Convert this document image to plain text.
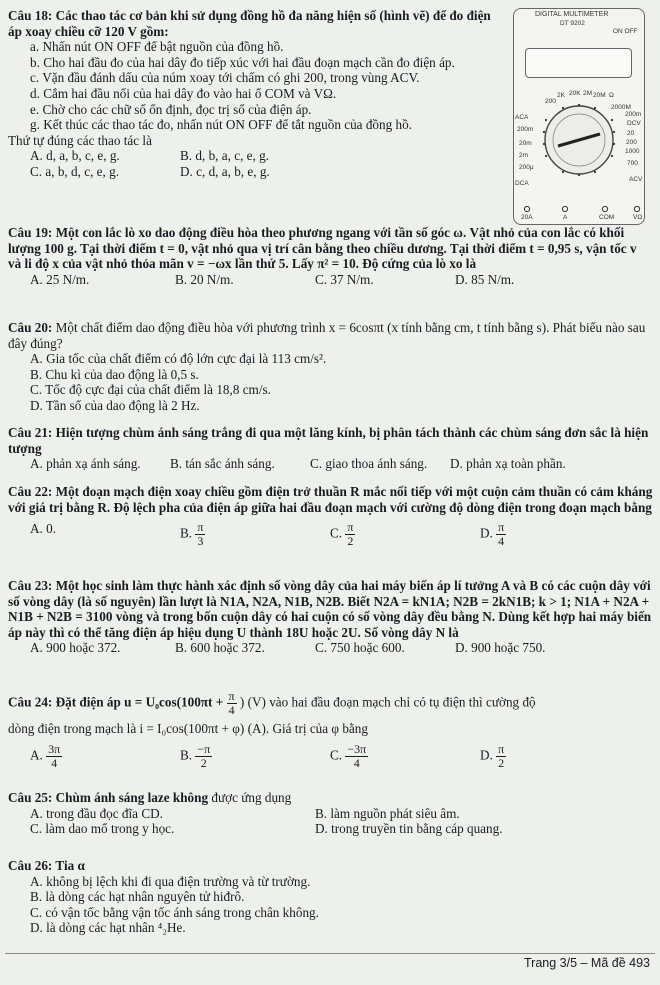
Câu 18: Các thao tác cơ bản khi sử dụng đồng hồ đa năng hiện số (hình vẽ) để đo điện áp xoay chiều cỡ 120 V gồm:

a. Nhấn nút ON OFF để bật nguồn của đồng hồ.

b. Cho hai đầu đo của hai dây đo tiếp xúc với hai đầu đoạn mạch cần đo điện áp.

c. Vặn đầu đánh dấu của núm xoay tới chấm có ghi 200, trong vùng ACV.

d. Cắm hai đầu nối của hai dây đo vào hai ổ COM và VΩ.

e. Chờ cho các chữ số ổn định, đọc trị số của điện áp.

g. Kết thúc các thao tác đo, nhấn nút ON OFF để tắt nguồn của đồng hồ.

Thứ tự đúng các thao tác là

A. d, a, b, c, e, g.	B. d, b, a, c, e, g.
C. a, b, d, c, e, g.	D. c, d, a, b, e, g.
DIGITAL MULTIMETER
DT 9202
ON OFF
ACA
200m
20m
2m
200μ
DCA
DCV
200m
20
200
1000
700
ACV
2K 20K 2M 20M Ω
200
2000M
20A	A	COM	VΩ

Câu 19: Một con lắc lò xo dao động điều hòa theo phương ngang với tần số góc ω. Vật nhỏ của con lắc có khối lượng 100 g. Tại thời điểm t = 0, vật nhỏ qua vị trí cân bằng theo chiều dương. Tại thời điểm t = 0,95 s, vận tốc v và li độ x của vật nhỏ thỏa mãn v = −ωx lần thứ 5. Lấy π² = 10. Độ cứng của lò xo là

A. 25 N/m.	B. 20 N/m.	C. 37 N/m.	D. 85 N/m.

Câu 20: Một chất điểm dao động điều hòa với phương trình x = 6cosπt (x tính bằng cm, t tính bằng s). Phát biểu nào sau đây đúng?

A. Gia tốc của chất điểm có độ lớn cực đại là 113 cm/s².

B. Chu kì của dao động là 0,5 s.

C. Tốc độ cực đại của chất điểm là 18,8 cm/s.

D. Tần số của dao động là 2 Hz.

Câu 21: Hiện tượng chùm ánh sáng trắng đi qua một lăng kính, bị phân tách thành các chùm sáng đơn sắc là hiện tượng

A. phản xạ ánh sáng.	B. tán sắc ánh sáng.	C. giao thoa ánh sáng.	D. phản xạ toàn phần.

Câu 22: Một đoạn mạch điện xoay chiều gồm điện trở thuần R mắc nối tiếp với một cuộn cảm thuần có cảm kháng với giá trị bằng R. Độ lệch pha của điện áp giữa hai đầu đoạn mạch với cường độ dòng điện trong đoạn mạch bằng

A. 0.	B. $\frac{\pi}{3}$	C. $\frac{\pi}{2}$	D. $\frac{\pi}{4}$

Câu 23: Một học sinh làm thực hành xác định số vòng dây của hai máy biến áp lí tưởng A và B có các cuộn dây với số vòng dây (là số nguyên) lần lượt là N1A, N2A, N1B, N2B. Biết N2A = kN1A; N2B = 2kN1B; k > 1; N1A + N2A + N1B + N2B = 3100 vòng và trong bốn cuộn dây có hai cuộn có số vòng dây đều bằng N. Dùng kết hợp hai máy biến áp này thì có thể tăng điện áp hiệu dụng U thành 18U hoặc 2U. Số vòng dây N là

A. 900 hoặc 372.	B. 600 hoặc 372.	C. 750 hoặc 600.	D. 900 hoặc 750.

Câu 24: Đặt điện áp $u = U_0\cos(100\pi t + \frac{\pi}{4}$ ) (V) vào hai đầu đoạn mạch chỉ có tụ điện thì cường độ

dòng điện trong mạch là i = I₀cos(100πt + φ) (A). Giá trị của φ bằng

A. $\frac{3\pi}{4}$	B. $\frac{-\pi}{2}$	C. $\frac{-3\pi}{4}$	D. $\frac{\pi}{2}$

Câu 25: Chùm ánh sáng laze không được ứng dụng

A. trong đầu đọc đĩa CD.	B. làm nguồn phát siêu âm.
C. làm dao mổ trong y học.	D. trong truyền tin bằng cáp quang.

Câu 26: Tia α

A. không bị lệch khi đi qua điện trường và từ trường.

B. là dòng các hạt nhân nguyên tử hiđrô.

C. có vận tốc bằng vận tốc ánh sáng trong chân không.

D. là dòng các hạt nhân ⁴₂He.

Trang 3/5 – Mã đề 493
